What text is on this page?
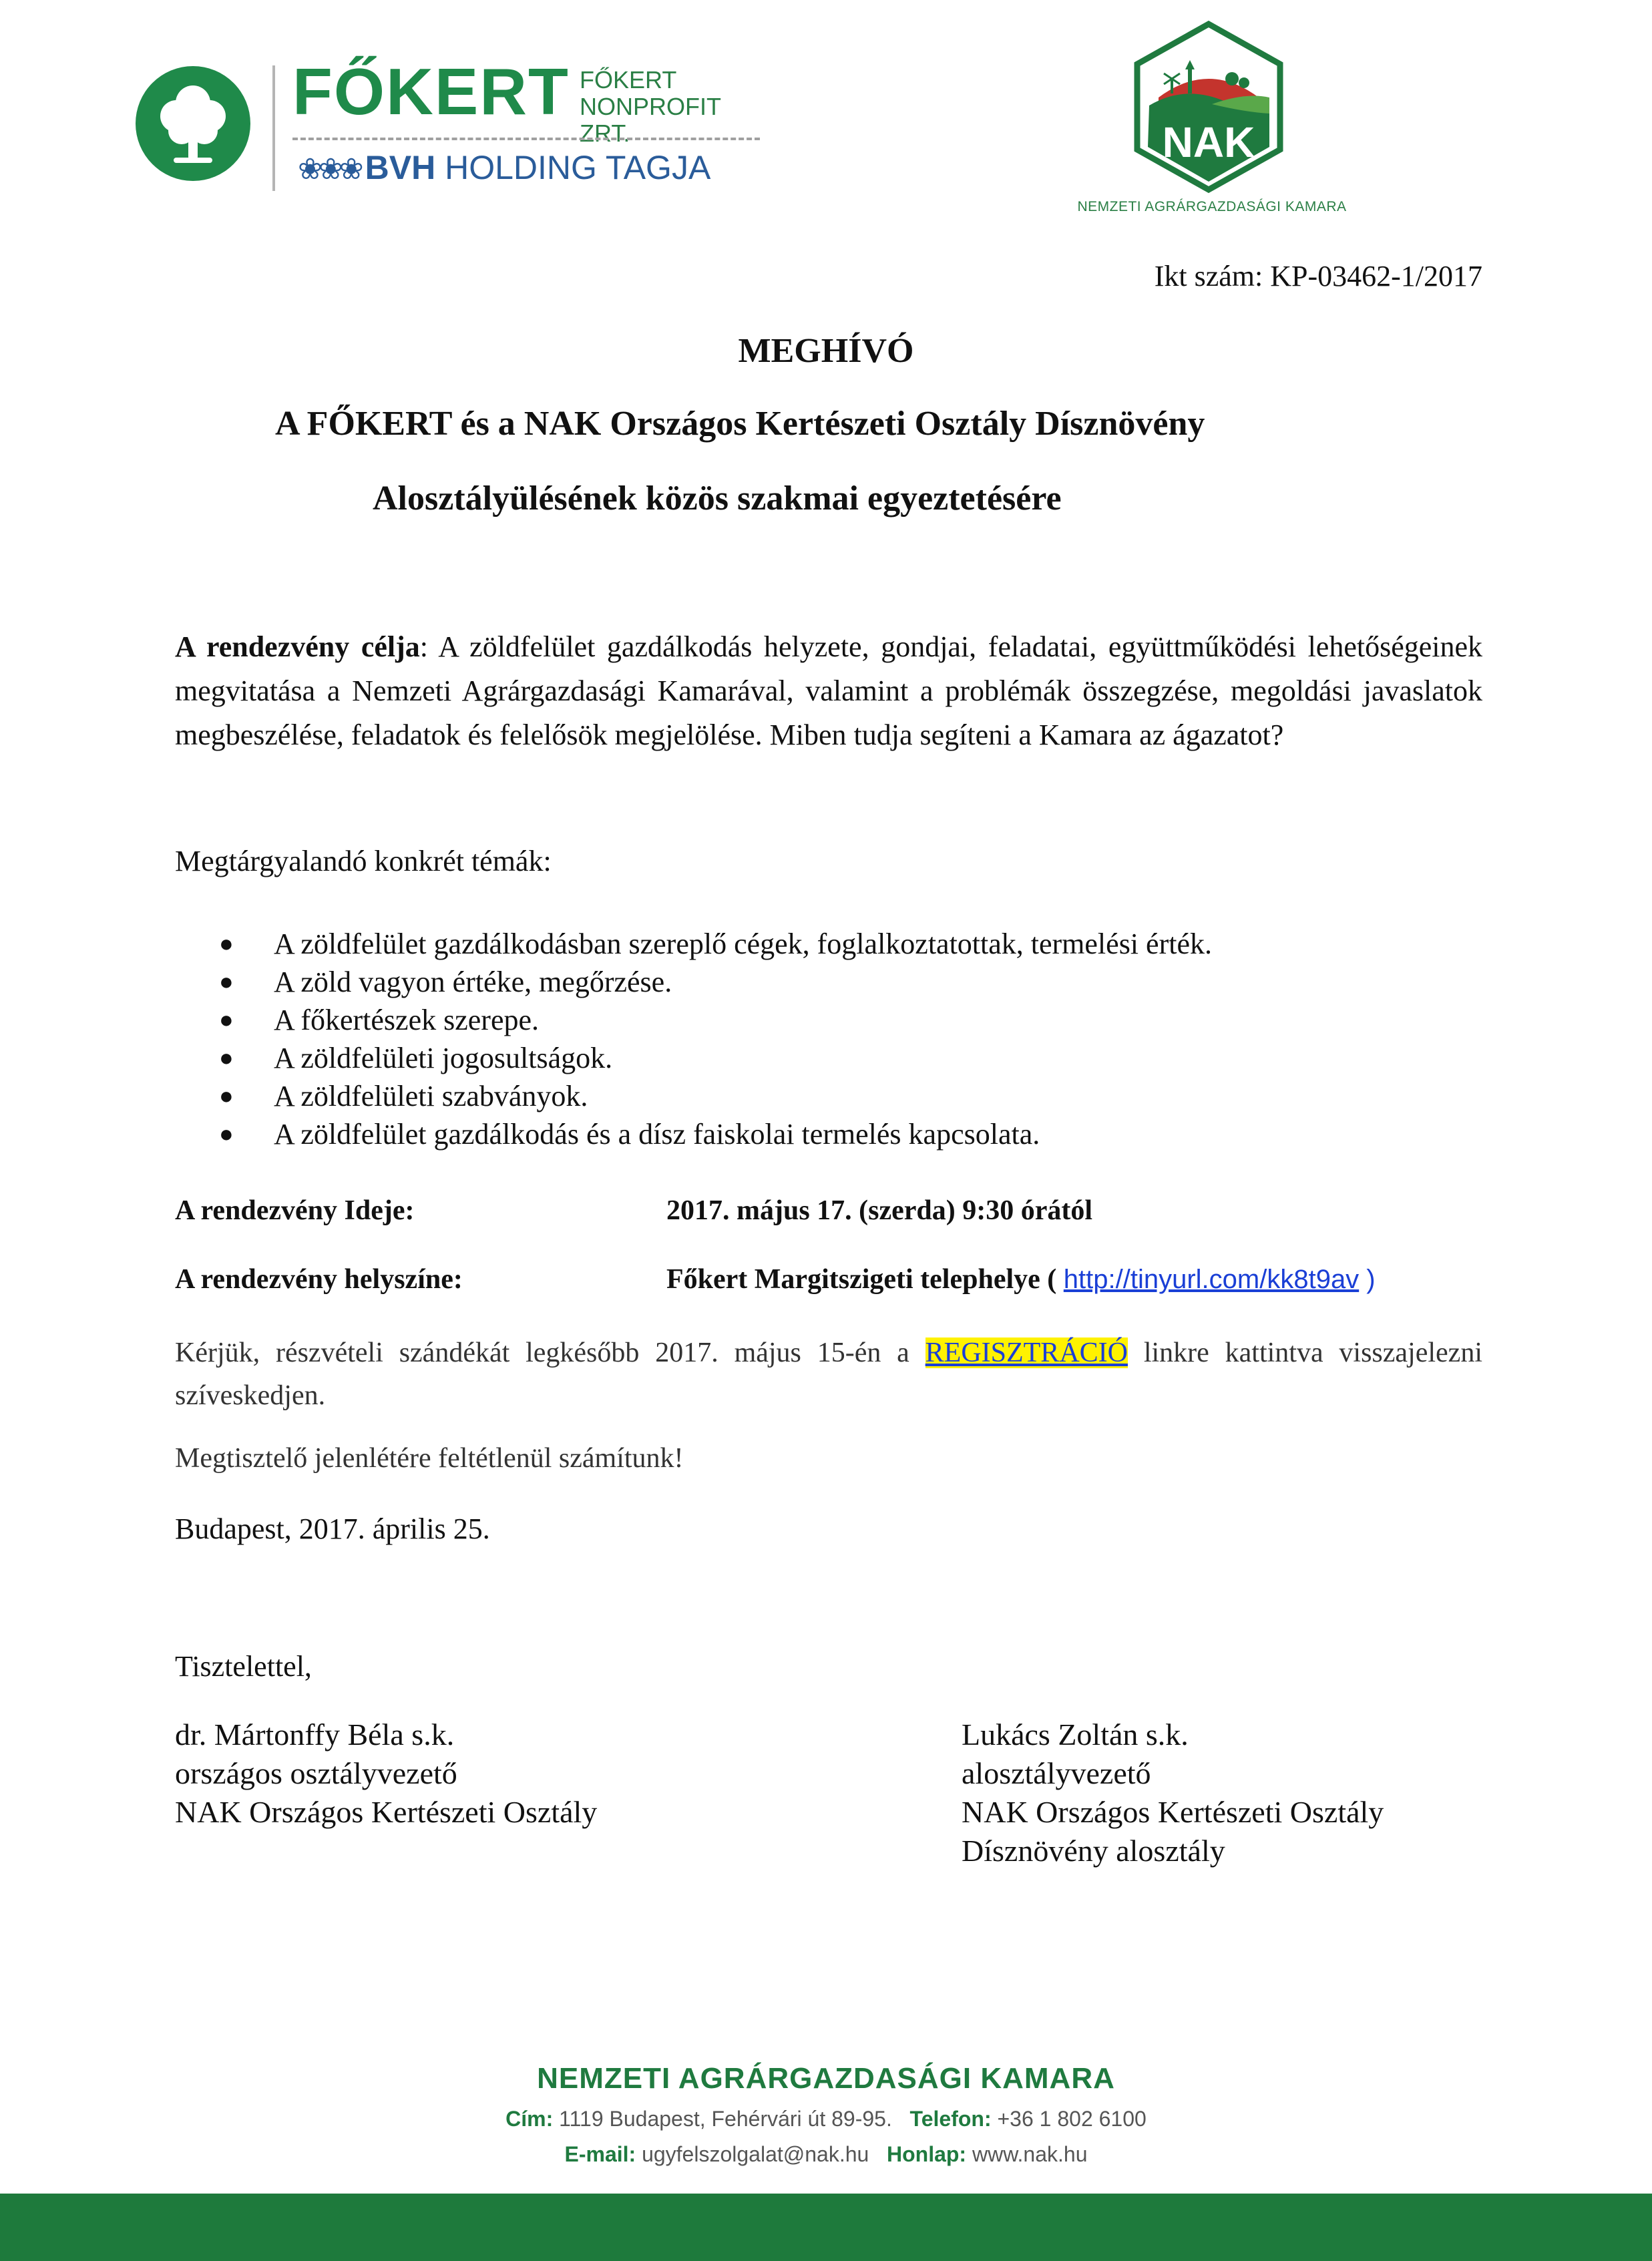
FŐKERT FŐKERT
NONPROFIT ZRT.
❀❀❀ BVH HOLDING TAGJA
NAK
NEMZETI AGRÁRGAZDASÁGI KAMARA
Ikt szám: KP-03462-1/2017
MEGHÍVÓ
A FŐKERT és a NAK Országos Kertészeti Osztály Dísznövény
Alosztályülésének közös szakmai egyeztetésére
A rendezvény célja: A zöldfelület gazdálkodás helyzete, gondjai, feladatai, együttműködési lehetőségeinek megvitatása a Nemzeti Agrárgazdasági Kamarával, valamint a problémák összegzése, megoldási javaslatok megbeszélése, feladatok és felelősök megjelölése. Miben tudja segíteni a Kamara az ágazatot?
Megtárgyalandó konkrét témák:
● A zöldfelület gazdálkodásban szereplő cégek, foglalkoztatottak, termelési érték.
● A zöld vagyon értéke, megőrzése.
● A főkertészek szerepe.
● A zöldfelületi jogosultságok.
● A zöldfelületi szabványok.
● A zöldfelület gazdálkodás és a dísz faiskolai termelés kapcsolata.
A rendezvény Ideje:	2017. május 17. (szerda) 9:30 órától
A rendezvény helyszíne:	Főkert Margitszigeti telephelye ( http://tinyurl.com/kk8t9av )
Kérjük, részvételi szándékát legkésőbb 2017. május 15-én a REGISZTRÁCIÓ linkre kattintva visszajelezni szíveskedjen.
Megtisztelő jelenlétére feltétlenül számítunk!
Budapest, 2017. április 25.
Tisztelettel,
dr. Mártonffy Béla s.k.
országos osztályvezető
NAK Országos Kertészeti Osztály
Lukács Zoltán s.k.
alosztályvezető
NAK Országos Kertészeti Osztály
Dísznövény alosztály
NEMZETI AGRÁRGAZDASÁGI KAMARA
Cím: 1119 Budapest, Fehérvári út 89-95. Telefon: +36 1 802 6100
E-mail: ugyfelszolgalat@nak.hu Honlap: www.nak.hu
